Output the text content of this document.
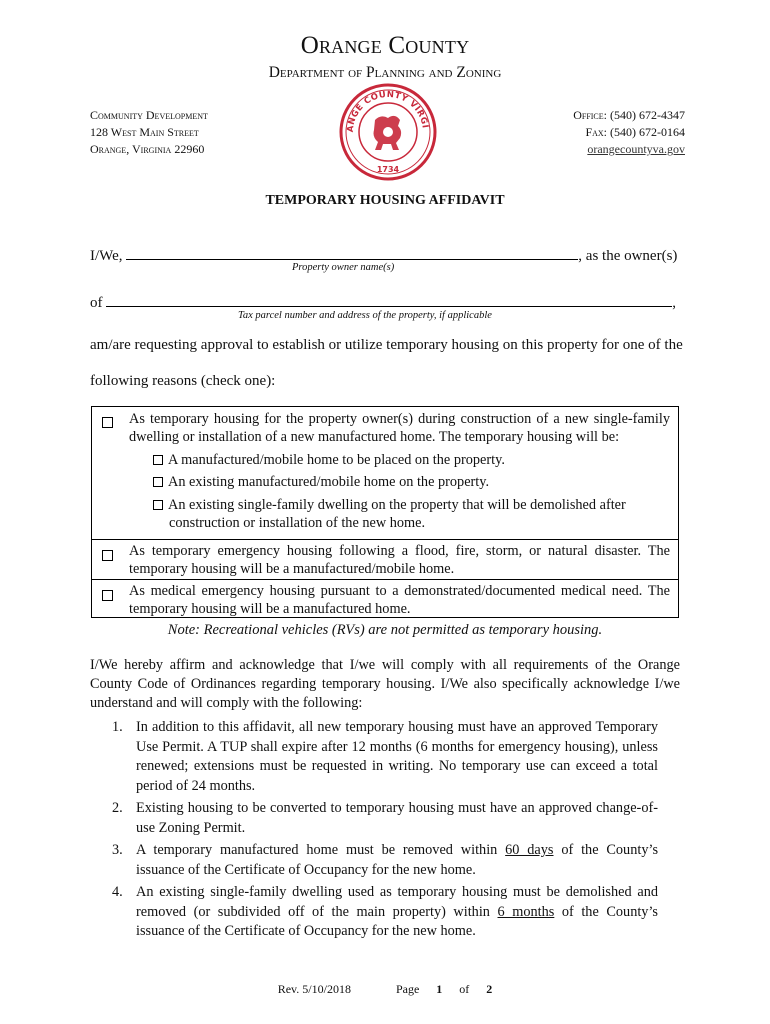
Orange County
Department of Planning and Zoning
Community Development
128 West Main Street
Orange, Virginia 22960
Office: (540) 672-4347
Fax: (540) 672-0164
orangecountyva.gov
ANGE COUNTY VIRGI
1734
TEMPORARY HOUSING AFFIDAVIT
I/We,	, as the owner(s)
Property owner name(s)
of	,
Tax parcel number and address of the property, if applicable
am/are requesting approval to establish or utilize temporary housing on this property for one of the
following reasons (check one):
As temporary housing for the property owner(s) during construction of a new single-family dwelling or installation of a new manufactured home. The temporary housing will be:
A manufactured/mobile home to be placed on the property.
An existing manufactured/mobile home on the property.
An existing single-family dwelling on the property that will be demolished after
construction or installation of the new home.
As temporary emergency housing following a flood, fire, storm, or natural disaster. The temporary housing will be a manufactured/mobile home.
As medical emergency housing pursuant to a demonstrated/documented medical need. The temporary housing will be a manufactured home.
Note: Recreational vehicles (RVs) are not permitted as temporary housing.
I/We hereby affirm and acknowledge that I/we will comply with all requirements of the Orange County Code of Ordinances regarding temporary housing. I/We also specifically acknowledge I/we understand and will comply with the following:
1. In addition to this affidavit, all new temporary housing must have an approved Temporary Use Permit. A TUP shall expire after 12 months (6 months for emergency housing), unless renewed; extensions must be requested in writing. No temporary use can exceed a total period of 24 months.
2. Existing housing to be converted to temporary housing must have an approved change-of-use Zoning Permit.
3. A temporary manufactured home must be removed within 60 days of the County’s issuance of the Certificate of Occupancy for the new home.
4. An existing single-family dwelling used as temporary housing must be demolished and removed (or subdivided off of the main property) within 6 months of the County’s issuance of the Certificate of Occupancy for the new home.
Rev. 5/10/2018	Page 1 of 2
